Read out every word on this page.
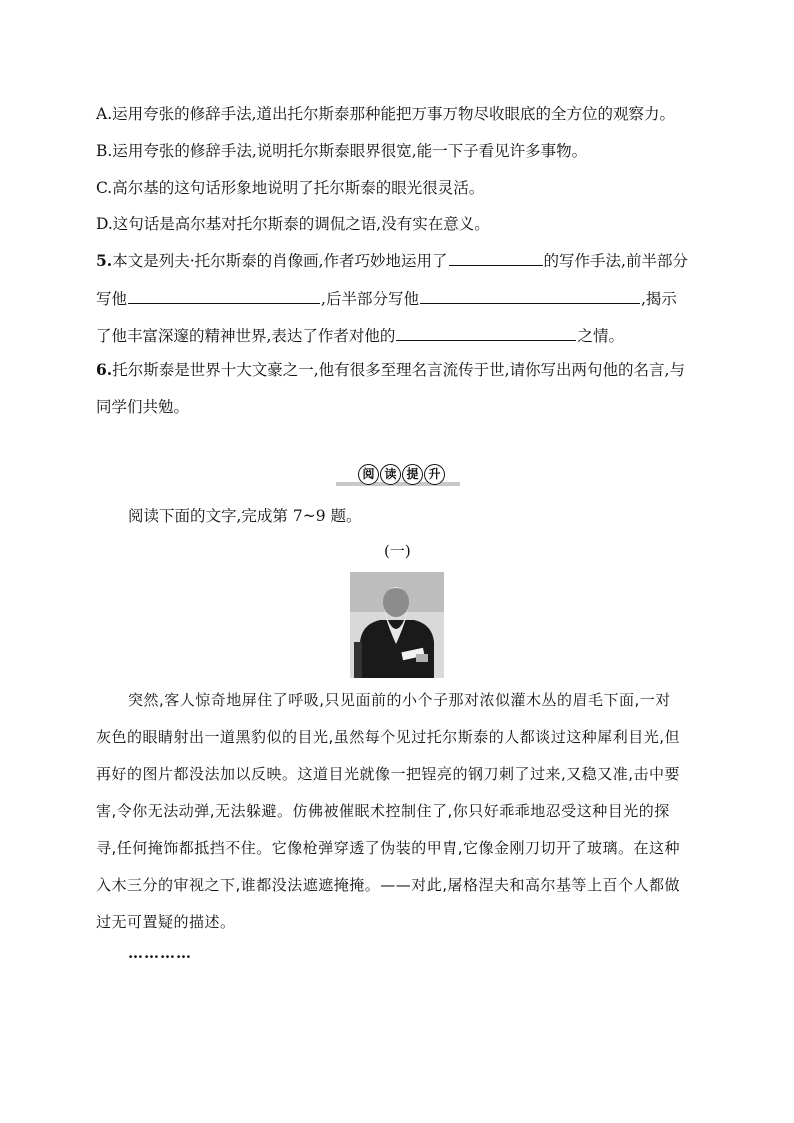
A.运用夸张的修辞手法,道出托尔斯泰那种能把万事万物尽收眼底的全方位的观察力。
B.运用夸张的修辞手法,说明托尔斯泰眼界很宽,能一下子看见许多事物。
C.高尔基的这句话形象地说明了托尔斯泰的眼光很灵活。
D.这句话是高尔基对托尔斯泰的调侃之语,没有实在意义。
5.本文是列夫·托尔斯泰的肖像画,作者巧妙地运用了	的写作手法,前半部分
写他	,后半部分写他	,揭示
了他丰富深邃的精神世界,表达了作者对他的	之情。
6.托尔斯泰是世界十大文豪之一,他有很多至理名言流传于世,请你写出两句他的名言,与
同学们共勉。
阅 读 提 升
阅读下面的文字,完成第 7~9 题。
(一)
突然,客人惊奇地屏住了呼吸,只见面前的小个子那对浓似灌木丛的眉毛下面,一对
灰色的眼睛射出一道黑豹似的目光,虽然每个见过托尔斯泰的人都谈过这种犀利目光,但
再好的图片都没法加以反映。这道目光就像一把锃亮的钢刀刺了过来,又稳又准,击中要
害,令你无法动弹,无法躲避。仿佛被催眠术控制住了,你只好乖乖地忍受这种目光的探
寻,任何掩饰都抵挡不住。它像枪弹穿透了伪装的甲胄,它像金刚刀切开了玻璃。在这种
入木三分的审视之下,谁都没法遮遮掩掩。——对此,屠格涅夫和高尔基等上百个人都做
过无可置疑的描述。
…………
